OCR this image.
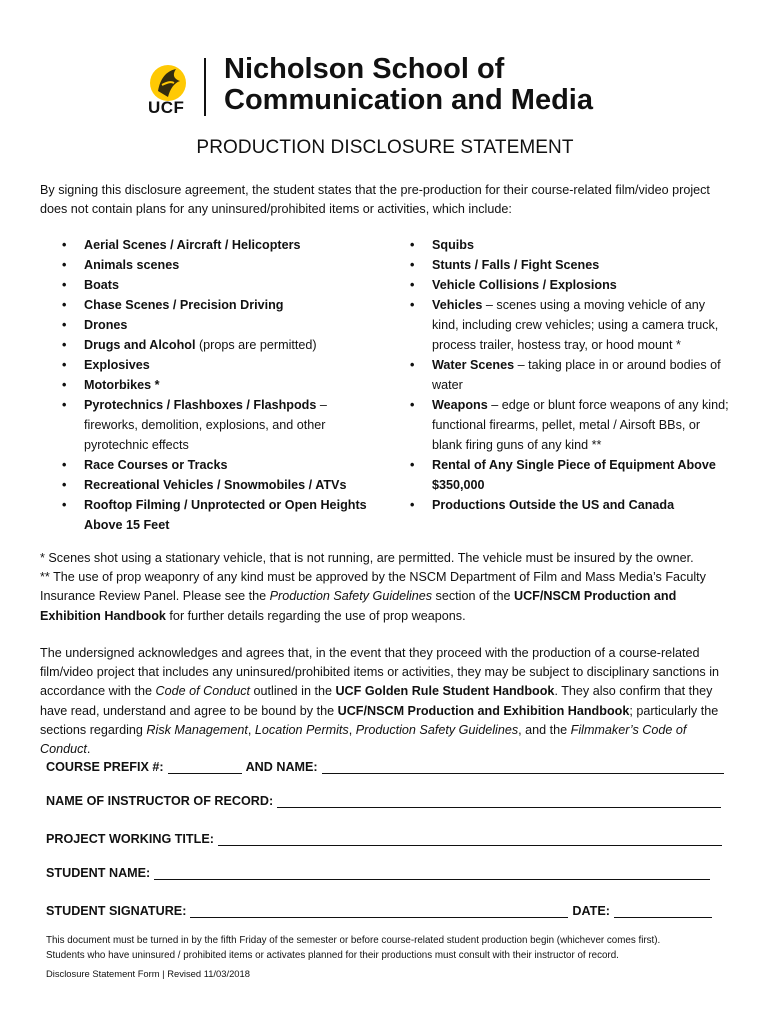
UCF
Nicholson School of
Communication and Media
PRODUCTION DISCLOSURE STATEMENT
By signing this disclosure agreement, the student states that the pre-production for their course-related film/video project does not contain plans for any uninsured/prohibited items or activities, which include:
• Aerial Scenes / Aircraft / Helicopters
• Animals scenes
• Boats
• Chase Scenes / Precision Driving
• Drones
• Drugs and Alcohol (props are permitted)
• Explosives
• Motorbikes *
• Pyrotechnics / Flashboxes / Flashpods – fireworks, demolition, explosions, and other pyrotechnic effects
• Race Courses or Tracks
• Recreational Vehicles / Snowmobiles / ATVs
• Rooftop Filming / Unprotected or Open Heights Above 15 Feet
• Squibs
• Stunts / Falls / Fight Scenes
• Vehicle Collisions / Explosions
• Vehicles – scenes using a moving vehicle of any kind, including crew vehicles; using a camera truck, process trailer, hostess tray, or hood mount *
• Water Scenes – taking place in or around bodies of water
• Weapons – edge or blunt force weapons of any kind; functional firearms, pellet, metal / Airsoft BBs, or blank firing guns of any kind **
• Rental of Any Single Piece of Equipment Above $350,000
• Productions Outside the US and Canada
* Scenes shot using a stationary vehicle, that is not running, are permitted. The vehicle must be insured by the owner.
** The use of prop weaponry of any kind must be approved by the NSCM Department of Film and Mass Media’s Faculty Insurance Review Panel. Please see the Production Safety Guidelines section of the UCF/NSCM Production and Exhibition Handbook for further details regarding the use of prop weapons.
The undersigned acknowledges and agrees that, in the event that they proceed with the production of a course-related film/video project that includes any uninsured/prohibited items or activities, they may be subject to disciplinary sanctions in accordance with the Code of Conduct outlined in the UCF Golden Rule Student Handbook. They also confirm that they have read, understand and agree to be bound by the UCF/NSCM Production and Exhibition Handbook; particularly the sections regarding Risk Management, Location Permits, Production Safety Guidelines, and the Filmmaker’s Code of Conduct.
COURSE PREFIX #:	AND NAME:
NAME OF INSTRUCTOR OF RECORD:
PROJECT WORKING TITLE:
STUDENT NAME:
STUDENT SIGNATURE:	DATE:
This document must be turned in by the fifth Friday of the semester or before course-related student production begin (whichever comes first).
Students who have uninsured / prohibited items or activates planned for their productions must consult with their instructor of record.
Disclosure Statement Form | Revised 11/03/2018
